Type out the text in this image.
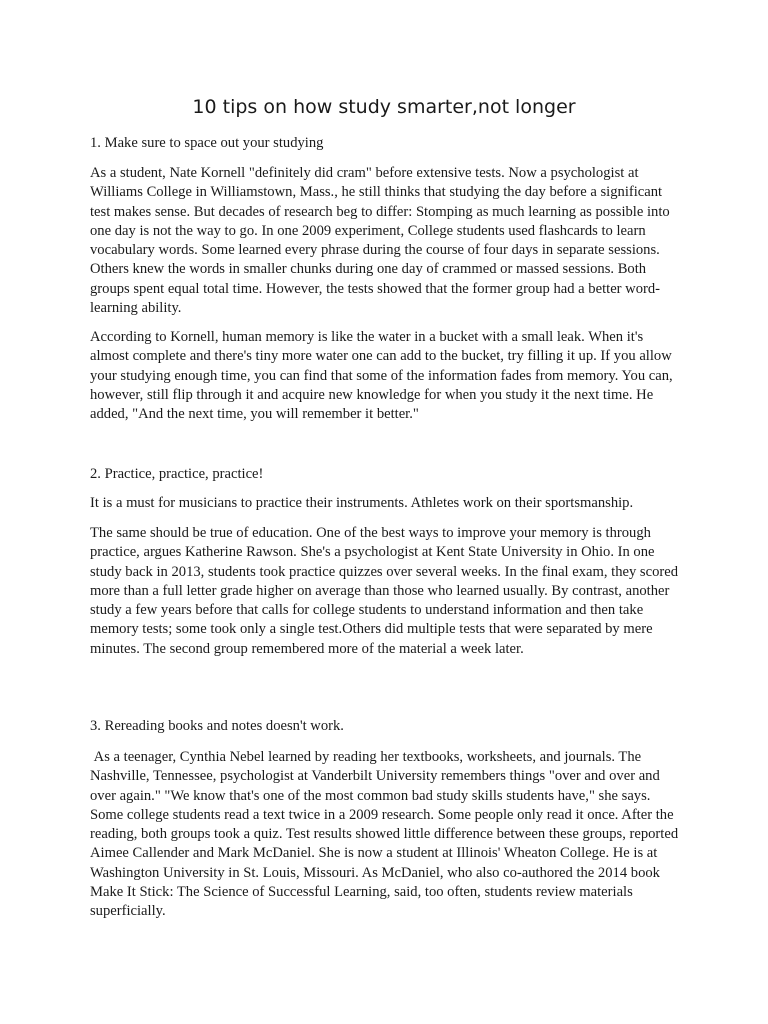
10 tips on how study smarter,not longer

1. Make sure to space out your studying

As a student, Nate Kornell "definitely did cram" before extensive tests. Now a psychologist at Williams College in Williamstown, Mass., he still thinks that studying the day before a significant test makes sense. But decades of research beg to differ: Stomping as much learning as possible into one day is not the way to go. In one 2009 experiment, College students used flashcards to learn vocabulary words. Some learned every phrase during the course of four days in separate sessions. Others knew the words in smaller chunks during one day of crammed or massed sessions. Both groups spent equal total time. However, the tests showed that the former group had a better word-learning ability.

According to Kornell, human memory is like the water in a bucket with a small leak. When it's almost complete and there's tiny more water one can add to the bucket, try filling it up. If you allow your studying enough time, you can find that some of the information fades from memory. You can, however, still flip through it and acquire new knowledge for when you study it the next time. He added, "And the next time, you will remember it better."

2. Practice, practice, practice!

It is a must for musicians to practice their instruments. Athletes work on their sportsmanship.

The same should be true of education. One of the best ways to improve your memory is through practice, argues Katherine Rawson. She's a psychologist at Kent State University in Ohio. In one study back in 2013, students took practice quizzes over several weeks. In the final exam, they scored more than a full letter grade higher on average than those who learned usually. By contrast, another study a few years before that calls for college students to understand information and then take memory tests; some took only a single test.Others did multiple tests that were separated by mere minutes. The second group remembered more of the material a week later.

3. Rereading books and notes doesn't work.

As a teenager, Cynthia Nebel learned by reading her textbooks, worksheets, and journals. The Nashville, Tennessee, psychologist at Vanderbilt University remembers things "over and over and over again." "We know that's one of the most common bad study skills students have," she says. Some college students read a text twice in a 2009 research. Some people only read it once. After the reading, both groups took a quiz. Test results showed little difference between these groups, reported Aimee Callender and Mark McDaniel. She is now a student at Illinois' Wheaton College. He is at Washington University in St. Louis, Missouri. As McDaniel, who also co-authored the 2014 book Make It Stick: The Science of Successful Learning, said, too often, students review materials superficially.
